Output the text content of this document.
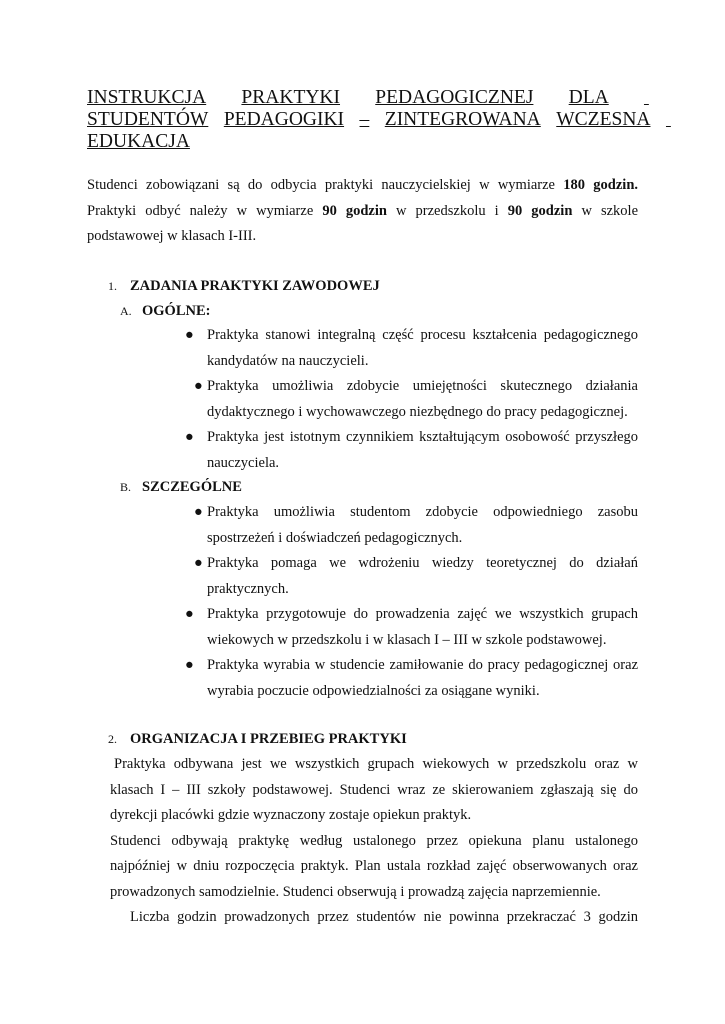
INSTRUKCJA PRAKTYKI PEDAGOGICZNEJ DLA

STUDENTÓW PEDAGOGIKI – ZINTEGROWANA WCZESNA

EDUKACJA

Studenci zobowiązani są do odbycia praktyki nauczycielskiej w wymiarze 180 godzin. Praktyki odbyć należy w wymiarze 90 godzin w przedszkolu i 90 godzin w szkole podstawowej w klasach I-III.

1. ZADANIA PRAKTYKI ZAWODOWEJ
A. OGÓLNE:
● Praktyka stanowi integralną część procesu kształcenia pedagogicznego kandydatów na nauczycieli.
● Praktyka umożliwia zdobycie umiejętności skutecznego działania dydaktycznego i wychowawczego niezbędnego do pracy pedagogicznej.
● Praktyka jest istotnym czynnikiem kształtującym osobowość przyszłego nauczyciela.
B. SZCZEGÓLNE
● Praktyka umożliwia studentom zdobycie odpowiedniego zasobu spostrzeżeń i doświadczeń pedagogicznych.
● Praktyka pomaga we wdrożeniu wiedzy teoretycznej do działań praktycznych.
● Praktyka przygotowuje do prowadzenia zajęć we wszystkich grupach wiekowych w przedszkolu i w klasach I – III w szkole podstawowej.
● Praktyka wyrabia w studencie zamiłowanie do pracy pedagogicznej oraz wyrabia poczucie odpowiedzialności za osiągane wyniki.
2. ORGANIZACJA I PRZEBIEG PRAKTYKI

Praktyka odbywana jest we wszystkich grupach wiekowych w przedszkolu oraz w klasach I – III szkoły podstawowej. Studenci wraz ze skierowaniem zgłaszają się do dyrekcji placówki gdzie wyznaczony zostaje opiekun praktyk.

Studenci odbywają praktykę według ustalonego przez opiekuna planu ustalonego najpóźniej w dniu rozpoczęcia praktyk. Plan ustala rozkład zajęć obserwowanych oraz prowadzonych samodzielnie. Studenci obserwują i prowadzą zajęcia naprzemiennie.

Liczba godzin prowadzonych przez studentów nie powinna przekraczać 3 godzin
